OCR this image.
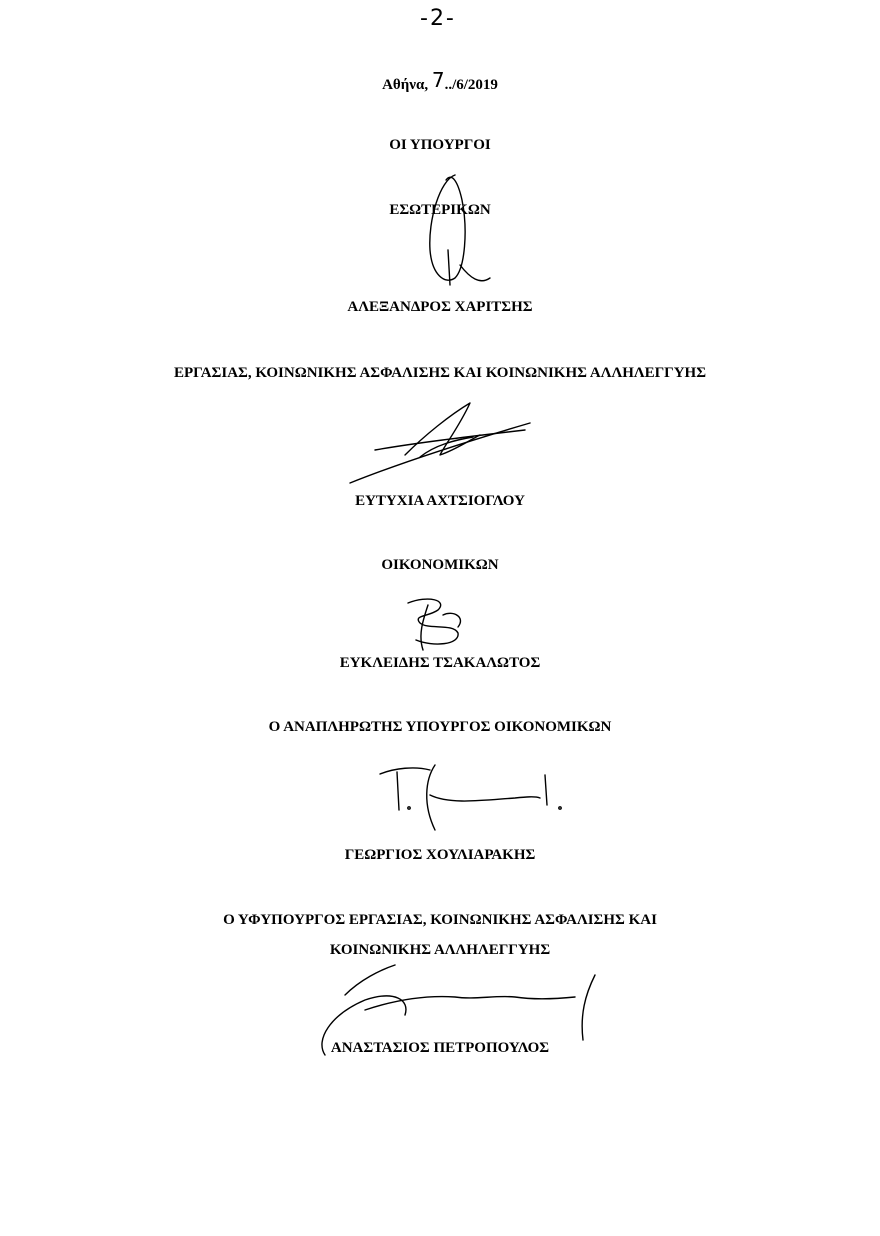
-2-
Αθήνα, 7../6/2019
ΟΙ ΥΠΟΥΡΓΟΙ
ΕΣΩΤΕΡΙΚΩΝ
ΑΛΕΞΑΝΔΡΟΣ ΧΑΡΙΤΣΗΣ
ΕΡΓΑΣΙΑΣ, ΚΟΙΝΩΝΙΚΗΣ ΑΣΦΑΛΙΣΗΣ ΚΑΙ ΚΟΙΝΩΝΙΚΗΣ ΑΛΛΗΛΕΓΓΥΗΣ
ΕΥΤΥΧΙΑ ΑΧΤΣΙΟΓΛΟΥ
ΟΙΚΟΝΟΜΙΚΩΝ
ΕΥΚΛΕΙΔΗΣ ΤΣΑΚΑΛΩΤΟΣ
Ο ΑΝΑΠΛΗΡΩΤΗΣ ΥΠΟΥΡΓΟΣ ΟΙΚΟΝΟΜΙΚΩΝ
ΓΕΩΡΓΙΟΣ ΧΟΥΛΙΑΡΑΚΗΣ
Ο ΥΦΥΠΟΥΡΓΟΣ ΕΡΓΑΣΙΑΣ, ΚΟΙΝΩΝΙΚΗΣ ΑΣΦΑΛΙΣΗΣ ΚΑΙ
ΚΟΙΝΩΝΙΚΗΣ ΑΛΛΗΛΕΓΓΥΗΣ
ΑΝΑΣΤΑΣΙΟΣ ΠΕΤΡΟΠΟΥΛΟΣ
